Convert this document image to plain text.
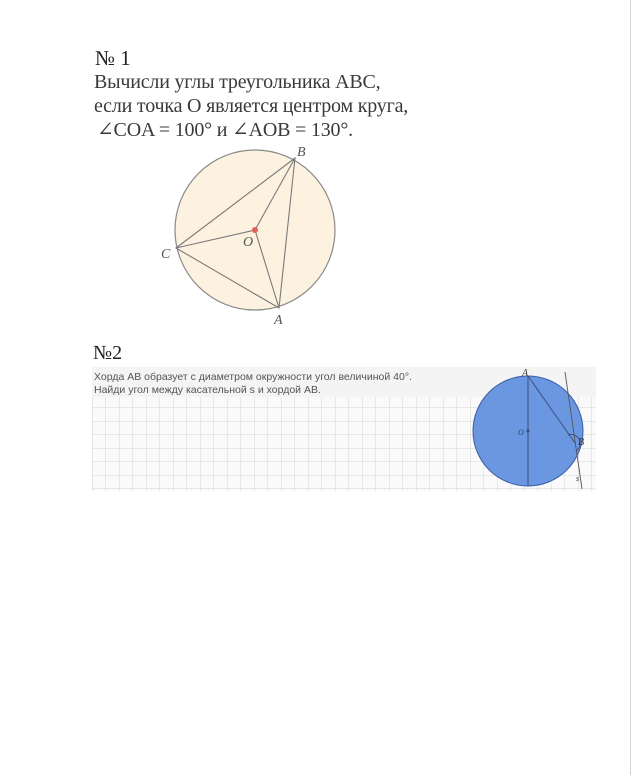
№ 1
Вычисли углы треугольника ABC,
если точка O является центром круга,
∠COA = 100° и ∠AOB = 130°.
B
A
C
O
№2
Хорда AB образует с диаметром окружности угол величиной 40°.
Найди угол между касательной s и хордой AB.
A
B
O
s
